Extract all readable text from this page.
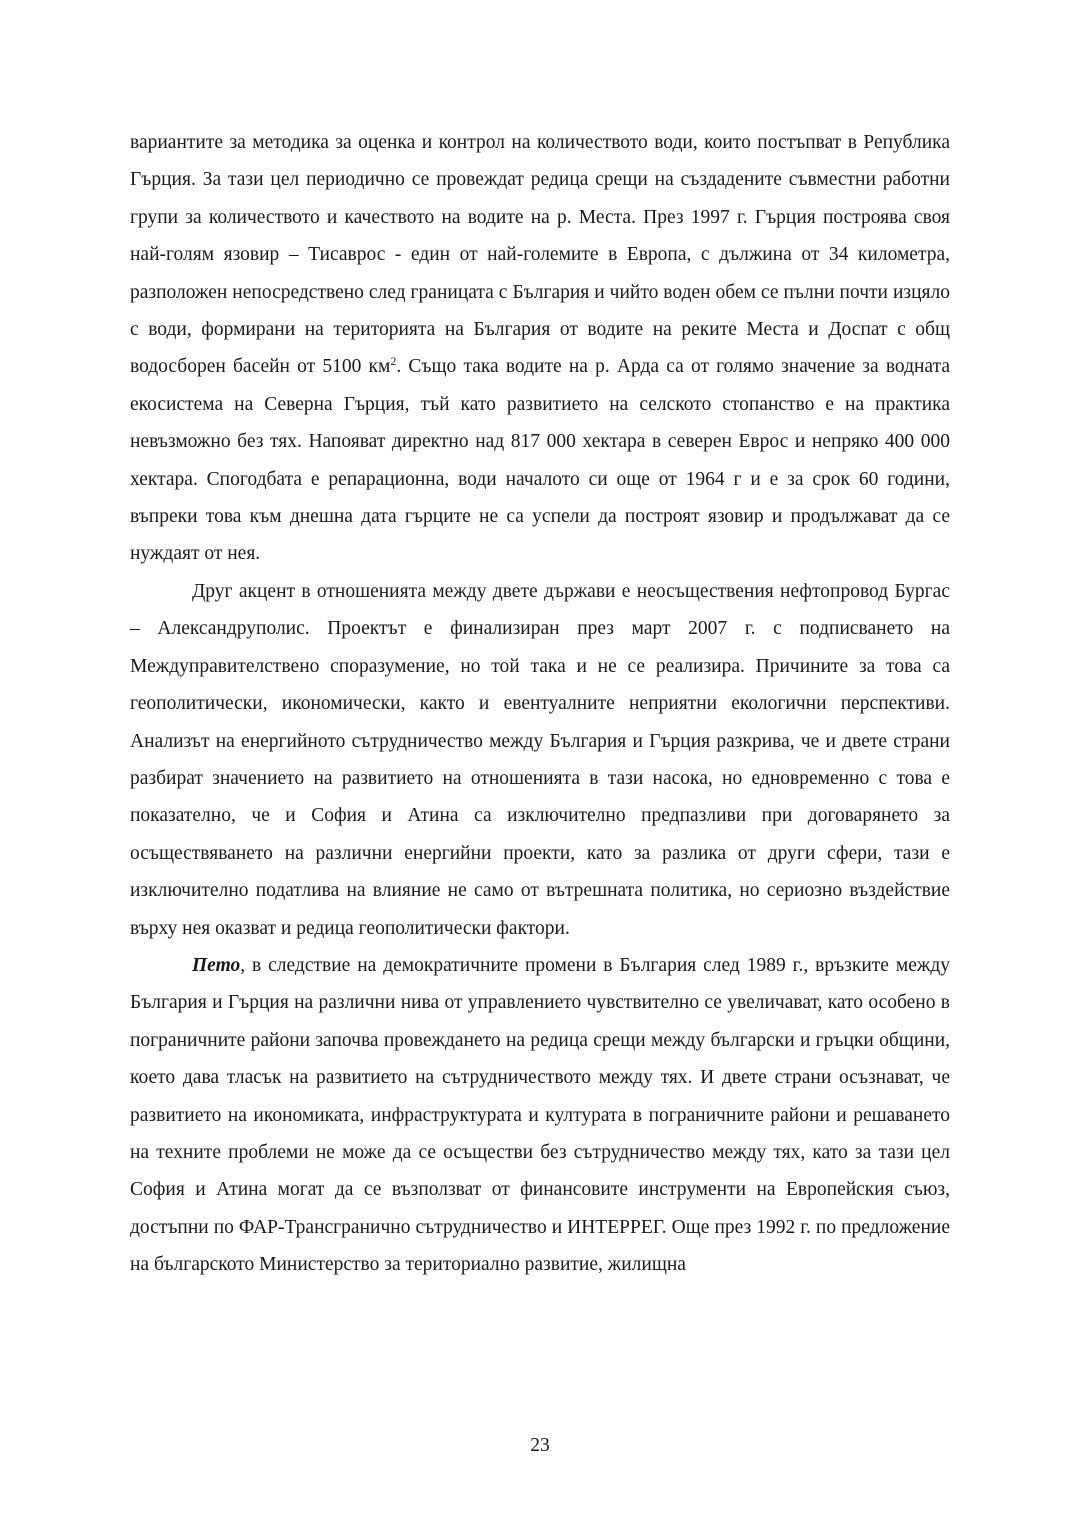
вариантите за методика за оценка и контрол на количеството води, които постъпват в Република Гърция. За тази цел периодично се провеждат редица срещи на създадените съвместни работни групи за количеството и качеството на водите на р. Места. През 1997 г. Гърция построява своя най-голям язовир – Тисаврос - един от най-големите в Европа, с дължина от 34 километра, разположен непосредствено след границата с България и чийто воден обем се пълни почти изцяло с води, формирани на територията на България от водите на реките Места и Доспат с общ водосборен басейн от 5100 $км^2$. Също така водите на р. Арда са от голямо значение за водната екосистема на Северна Гърция, тъй като развитието на селското стопанство е на практика невъзможно без тях. Напояват директно над 817 000 хектара в северен Еврос и непряко 400 000 хектара. Спогодбата е репарационна, води началото си още от 1964 г и е за срок 60 години, въпреки това към днешна дата гърците не са успели да построят язовир и продължават да се нуждаят от нея.

Друг акцент в отношенията между двете държави е неосъществения нефтопровод Бургас – Александруполис. Проектът е финализиран през март 2007 г. с подписването на Междуправителствено споразумение, но той така и не се реализира. Причините за това са геополитически, икономически, както и евентуалните неприятни екологични перспективи. Анализът на енергийното сътрудничество между България и Гърция разкрива, че и двете страни разбират значението на развитието на отношенията в тази насока, но едновременно с това е показателно, че и София и Атина са изключително предпазливи при договарянето за осъществяването на различни енергийни проекти, като за разлика от други сфери, тази е изключително податлива на влияние не само от вътрешната политика, но сериозно въздействие върху нея оказват и редица геополитически фактори.

Пето, в следствие на демократичните промени в България след 1989 г., връзките между България и Гърция на различни нива от управлението чувствително се увеличават, като особено в пограничните райони започва провеждането на редица срещи между български и гръцки общини, което дава тласък на развитието на сътрудничеството между тях. И двете страни осъзнават, че развитието на икономиката, инфраструктурата и културата в пограничните райони и решаването на техните проблеми не може да се осъществи без сътрудничество между тях, като за тази цел София и Атина могат да се възползват от финансовите инструменти на Европейския съюз, достъпни по ФАР-Трансгранично сътрудничество и ИНТЕРРЕГ. Още през 1992 г. по предложение на българското Министерство за териториално развитие, жилищна

23
